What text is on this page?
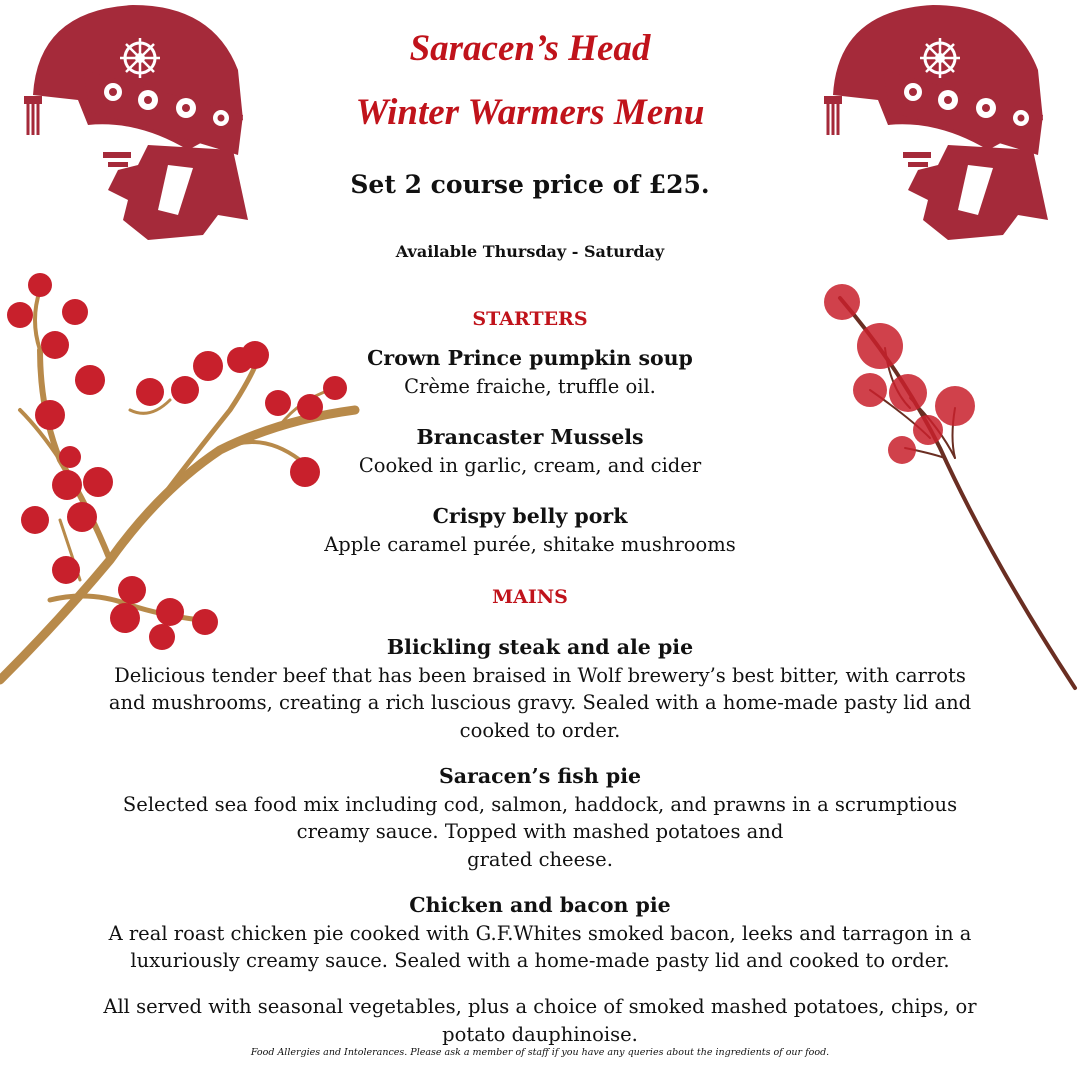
Saracen’s Head
Winter Warmers Menu
Set 2 course price of £25.
Available Thursday - Saturday
STARTERS
Crown Prince pumpkin soup
Crème fraiche, truffle oil.
Brancaster Mussels
Cooked in garlic, cream, and cider
Crispy belly pork
Apple caramel purée, shitake mushrooms
MAINS
Blickling steak and ale pie
Delicious tender beef that has been braised in Wolf brewery’s best bitter, with carrots
and mushrooms, creating a rich luscious gravy. Sealed with a home-made pasty lid and
cooked to order.
Saracen’s fish pie
Selected sea food mix including cod, salmon, haddock, and prawns in a scrumptious
creamy sauce. Topped with mashed potatoes and
grated cheese.
Chicken and bacon pie
A real roast chicken pie cooked with G.F.Whites smoked bacon, leeks and tarragon in a
luxuriously creamy sauce. Sealed with a home-made pasty lid and cooked to order.
All served with seasonal vegetables, plus a choice of smoked mashed potatoes, chips, or
potato dauphinoise.
Food Allergies and Intolerances. Please ask a member of staff if you have any queries about the ingredients of our food.
